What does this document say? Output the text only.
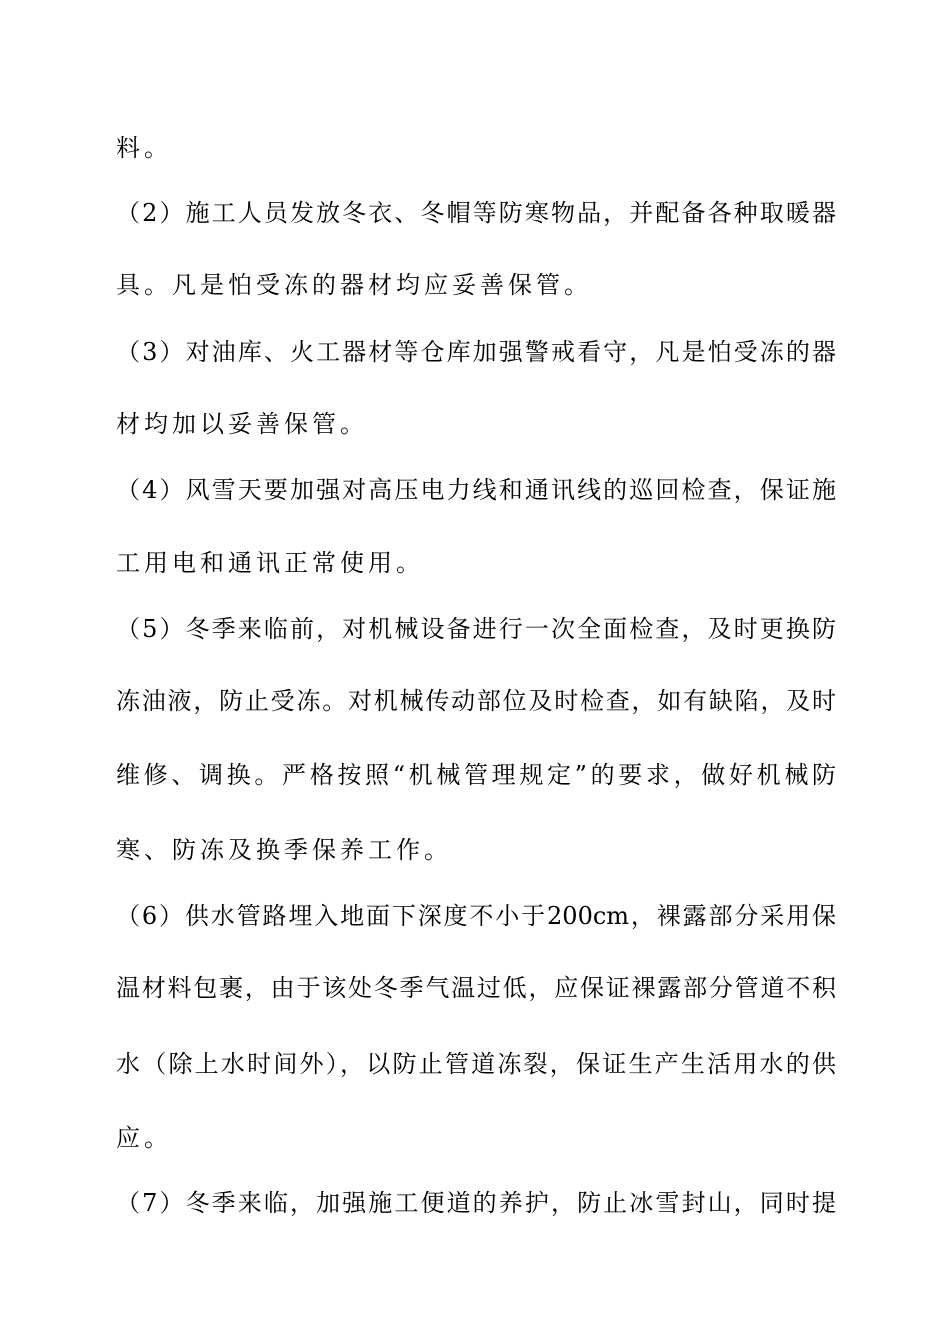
料。
（2）施工人员发放冬衣、冬帽等防寒物品，并配备各种取暖器
具。凡是怕受冻的器材均应妥善保管。
（3）对油库、火工器材等仓库加强警戒看守，凡是怕受冻的器
材均加以妥善保管。
（4）风雪天要加强对高压电力线和通讯线的巡回检查，保证施
工用电和通讯正常使用。
（5）冬季来临前，对机械设备进行一次全面检查，及时更换防
冻油液，防止受冻。对机械传动部位及时检查，如有缺陷，及时
维修、调换。严格按照“机械管理规定”的要求，做好机械防
寒、防冻及换季保养工作。
（6）供水管路埋入地面下深度不小于200cm，裸露部分采用保
温材料包裹，由于该处冬季气温过低，应保证裸露部分管道不积
水（除上水时间外），以防止管道冻裂，保证生产生活用水的供
应。
（7）冬季来临，加强施工便道的养护，防止冰雪封山，同时提
